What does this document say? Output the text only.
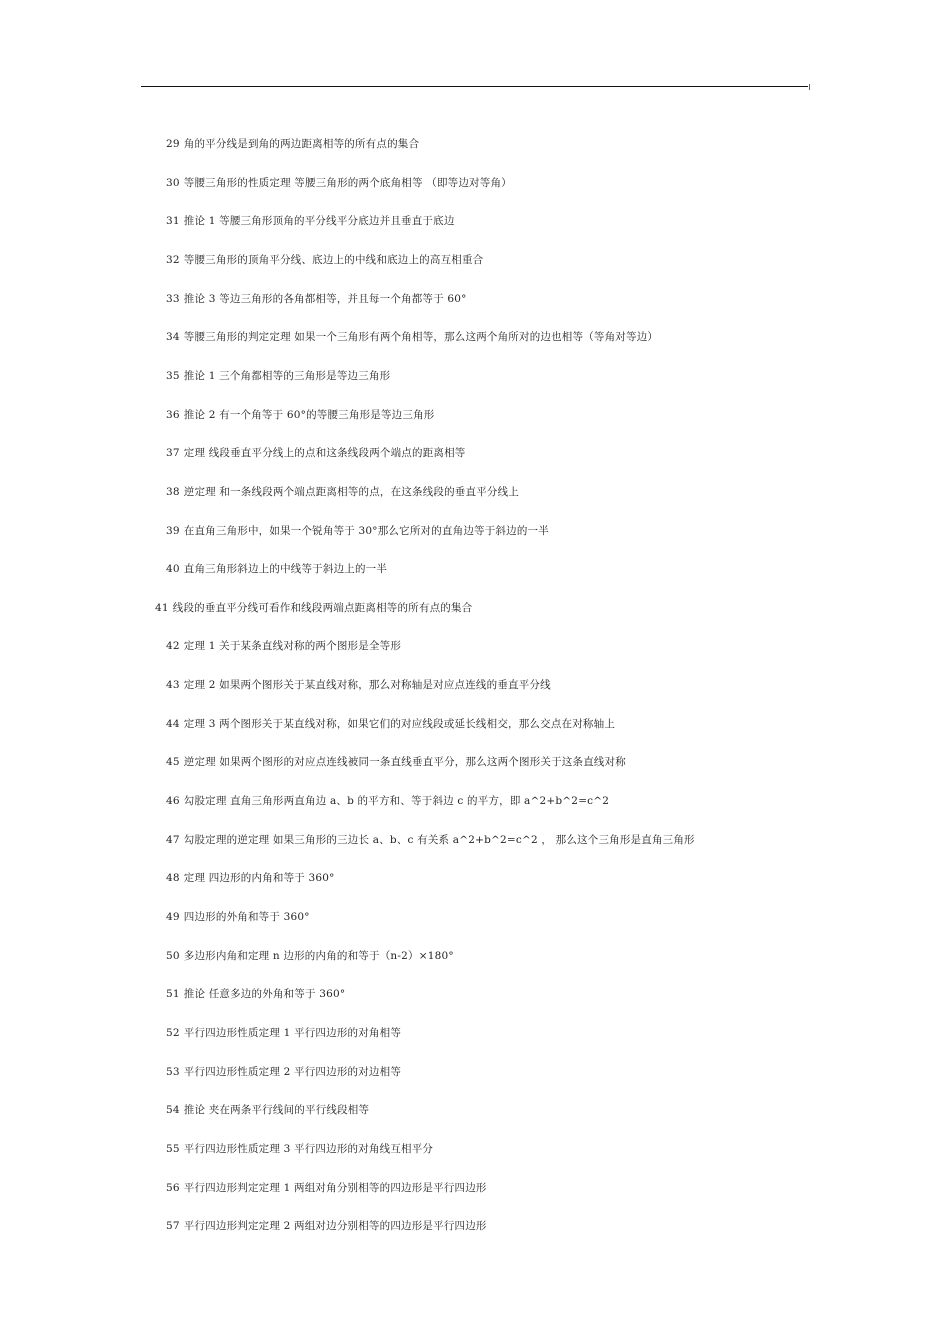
29 角的平分线是到角的两边距离相等的所有点的集合
30 等腰三角形的性质定理 等腰三角形的两个底角相等 （即等边对等角）
31 推论 1 等腰三角形顶角的平分线平分底边并且垂直于底边
32 等腰三角形的顶角平分线、底边上的中线和底边上的高互相重合
33 推论 3 等边三角形的各角都相等，并且每一个角都等于 60°
34 等腰三角形的判定定理 如果一个三角形有两个角相等，那么这两个角所对的边也相等（等角对等边）
35 推论 1 三个角都相等的三角形是等边三角形
36 推论 2 有一个角等于 60°的等腰三角形是等边三角形
37 定理 线段垂直平分线上的点和这条线段两个端点的距离相等
38 逆定理 和一条线段两个端点距离相等的点，在这条线段的垂直平分线上
39 在直角三角形中，如果一个锐角等于 30°那么它所对的直角边等于斜边的一半
40 直角三角形斜边上的中线等于斜边上的一半
41 线段的垂直平分线可看作和线段两端点距离相等的所有点的集合
42 定理 1 关于某条直线对称的两个图形是全等形
43 定理 2 如果两个图形关于某直线对称，那么对称轴是对应点连线的垂直平分线
44 定理 3 两个图形关于某直线对称，如果它们的对应线段或延长线相交，那么交点在对称轴上
45 逆定理 如果两个图形的对应点连线被同一条直线垂直平分，那么这两个图形关于这条直线对称
46 勾股定理 直角三角形两直角边 a、b 的平方和、等于斜边 c 的平方，即 a^2+b^2=c^2
47 勾股定理的逆定理 如果三角形的三边长 a、b、c 有关系 a^2+b^2=c^2 ， 那么这个三角形是直角三角形
48 定理 四边形的内角和等于 360°
49 四边形的外角和等于 360°
50 多边形内角和定理 n 边形的内角的和等于（n-2）×180°
51 推论 任意多边的外角和等于 360°
52 平行四边形性质定理 1 平行四边形的对角相等
53 平行四边形性质定理 2 平行四边形的对边相等
54 推论 夹在两条平行线间的平行线段相等
55 平行四边形性质定理 3 平行四边形的对角线互相平分
56 平行四边形判定定理 1 两组对角分别相等的四边形是平行四边形
57 平行四边形判定定理 2 两组对边分别相等的四边形是平行四边形
